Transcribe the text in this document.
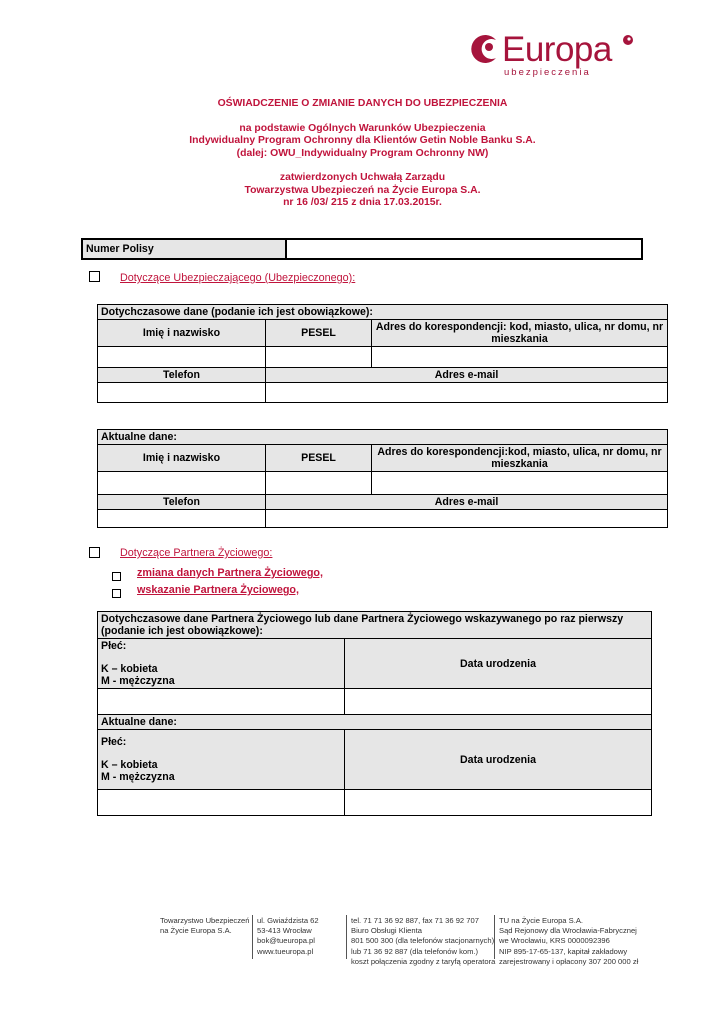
Europa
ubezpieczenia
OŚWIADCZENIE O ZMIANIE DANYCH DO UBEZPIECZENIA
na podstawie Ogólnych Warunków Ubezpieczenia
Indywidualny Program Ochronny dla Klientów Getin Noble Banku S.A.
(dalej: OWU_Indywidualny Program Ochronny NW)
zatwierdzonych Uchwałą Zarządu
Towarzystwa Ubezpieczeń na Życie Europa S.A.
nr 16 /03/ 215 z dnia 17.03.2015r.
Numer Polisy	
Dotyczące Ubezpieczającego (Ubezpieczonego):
Dotychczasowe dane (podanie ich jest obowiązkowe):		
Imię i nazwisko	PESEL	Adres do korespondencji: kod, miasto, ulica, nr domu, nr mieszkania

Telefon	Adres e-mail	

Aktualne dane:		
Imię i nazwisko	PESEL	Adres do korespondencji:kod, miasto, ulica, nr domu, nr mieszkania

Telefon	Adres e-mail	

Dotyczące Partnera Życiowego:
zmiana danych Partnera Życiowego,
wskazanie Partnera Życiowego,
Dotychczasowe dane Partnera Życiowego lub dane Partnera Życiowego wskazywanego po raz pierwszy (podanie ich jest obowiązkowe):	

Płeć:
K – kobieta
M - mężczyzna	Data urodzenia

Aktualne dane:	

Płeć:
K – kobieta
M - mężczyzna	Data urodzenia

Towarzystwo Ubezpieczeń
na Życie Europa S.A.
ul. Gwiaździsta 62
53-413 Wrocław
bok@tueuropa.pl
www.tueuropa.pl
tel. 71 71 36 92 887, fax 71 36 92 707
Biuro Obsługi Klienta
801 500 300 (dla telefonów stacjonarnych)
lub 71 36 92 887 (dla telefonów kom.)
koszt połączenia zgodny z taryfą operatora
TU na Życie Europa S.A.
Sąd Rejonowy dla Wrocławia-Fabrycznej
we Wrocławiu, KRS 0000092396
NIP 895-17-65-137, kapitał zakładowy
zarejestrowany i opłacony 307 200 000 zł
